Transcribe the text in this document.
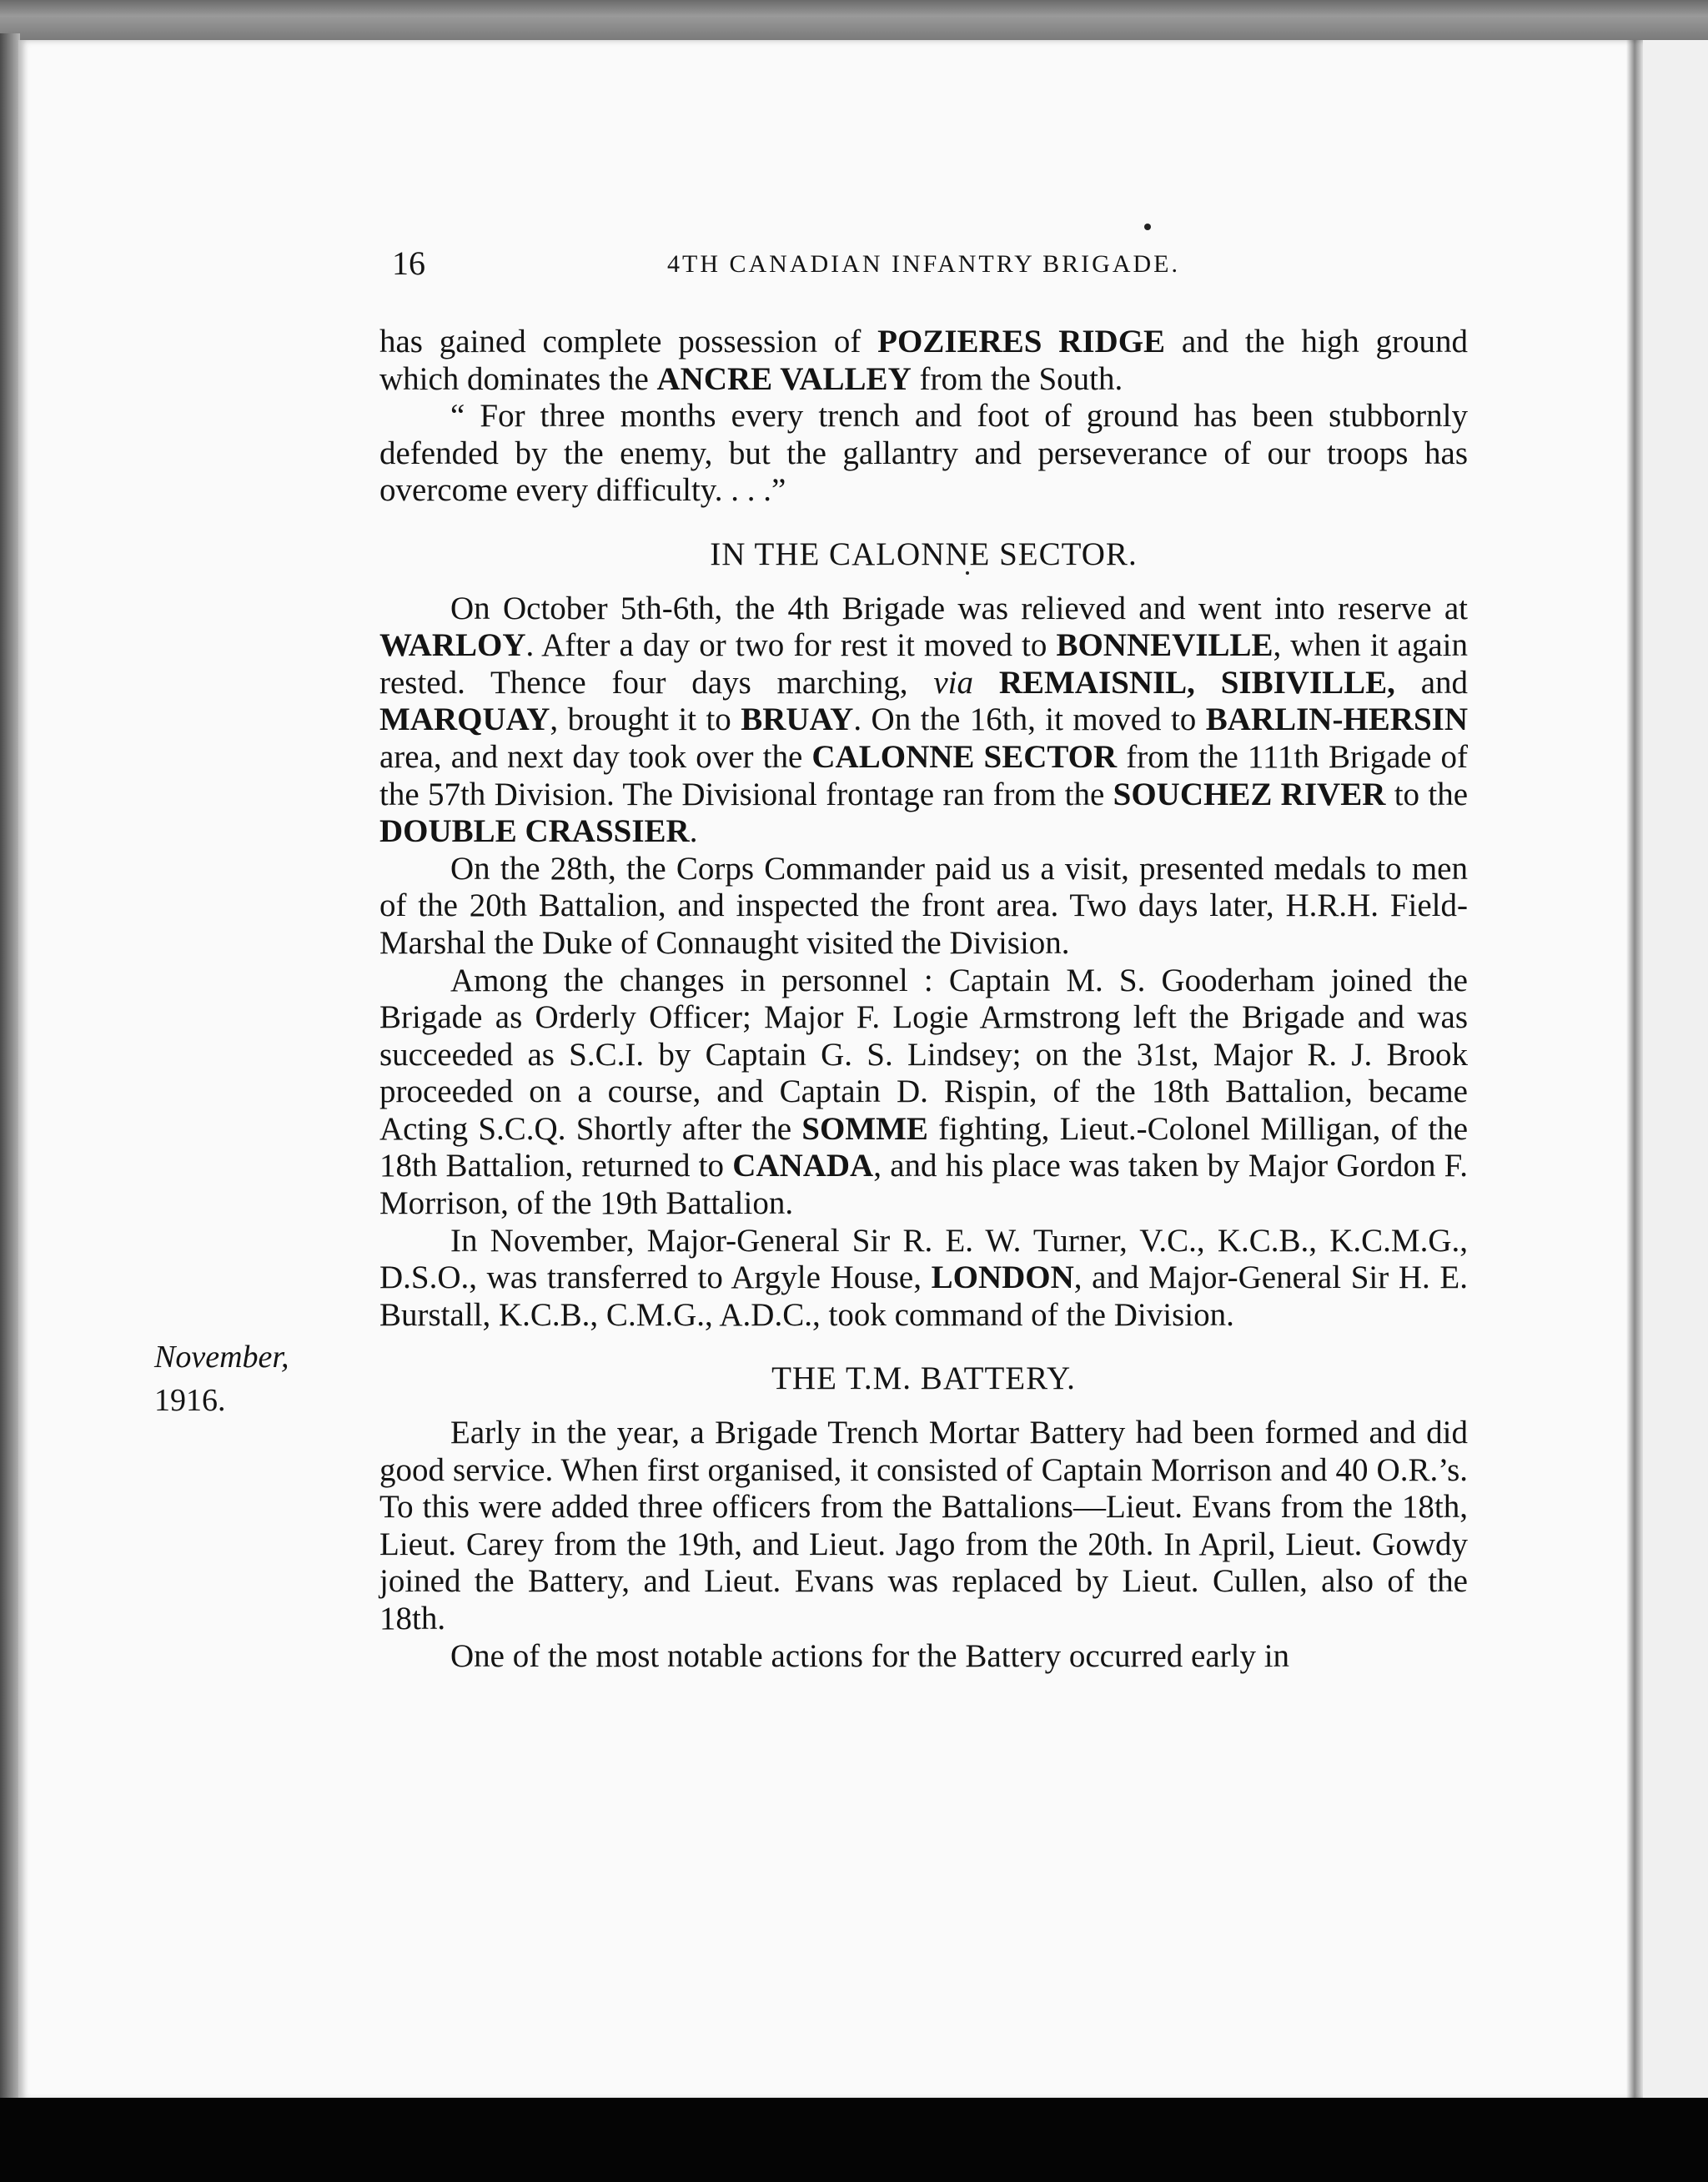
16	4TH CANADIAN INFANTRY BRIGADE.
November,
1916.

has gained complete possession of POZIERES RIDGE and the high ground which dominates the ANCRE VALLEY from the South.

“ For three months every trench and foot of ground has been stubbornly defended by the enemy, but the gallantry and perseverance of our troops has overcome every difficulty. . . .”

IN THE CALONNE SECTOR.

On October 5th-6th, the 4th Brigade was relieved and went into reserve at WARLOY. After a day or two for rest it moved to BONNEVILLE, when it again rested. Thence four days marching, via REMAISNIL, SIBIVILLE, and MARQUAY, brought it to BRUAY. On the 16th, it moved to BARLIN-HERSIN area, and next day took over the CALONNE SECTOR from the 111th Brigade of the 57th Division. The Divisional frontage ran from the SOUCHEZ RIVER to the DOUBLE CRASSIER.

On the 28th, the Corps Commander paid us a visit, presented medals to men of the 20th Battalion, and inspected the front area. Two days later, H.R.H. Field-Marshal the Duke of Connaught visited the Division.

Among the changes in personnel : Captain M. S. Gooderham joined the Brigade as Orderly Officer; Major F. Logie Armstrong left the Brigade and was succeeded as S.C.I. by Captain G. S. Lindsey; on the 31st, Major R. J. Brook proceeded on a course, and Captain D. Rispin, of the 18th Battalion, became Acting S.C.Q. Shortly after the SOMME fighting, Lieut.-Colonel Milligan, of the 18th Battalion, returned to CANADA, and his place was taken by Major Gordon F. Morrison, of the 19th Battalion.

In November, Major-General Sir R. E. W. Turner, V.C., K.C.B., K.C.M.G., D.S.O., was transferred to Argyle House, LONDON, and Major-General Sir H. E. Burstall, K.C.B., C.M.G., A.D.C., took command of the Division.

THE T.M. BATTERY.

Early in the year, a Brigade Trench Mortar Battery had been formed and did good service. When first organised, it consisted of Captain Morrison and 40 O.R.’s. To this were added three officers from the Battalions—Lieut. Evans from the 18th, Lieut. Carey from the 19th, and Lieut. Jago from the 20th. In April, Lieut. Gowdy joined the Battery, and Lieut. Evans was replaced by Lieut. Cullen, also of the 18th.

One of the most notable actions for the Battery occurred early in
